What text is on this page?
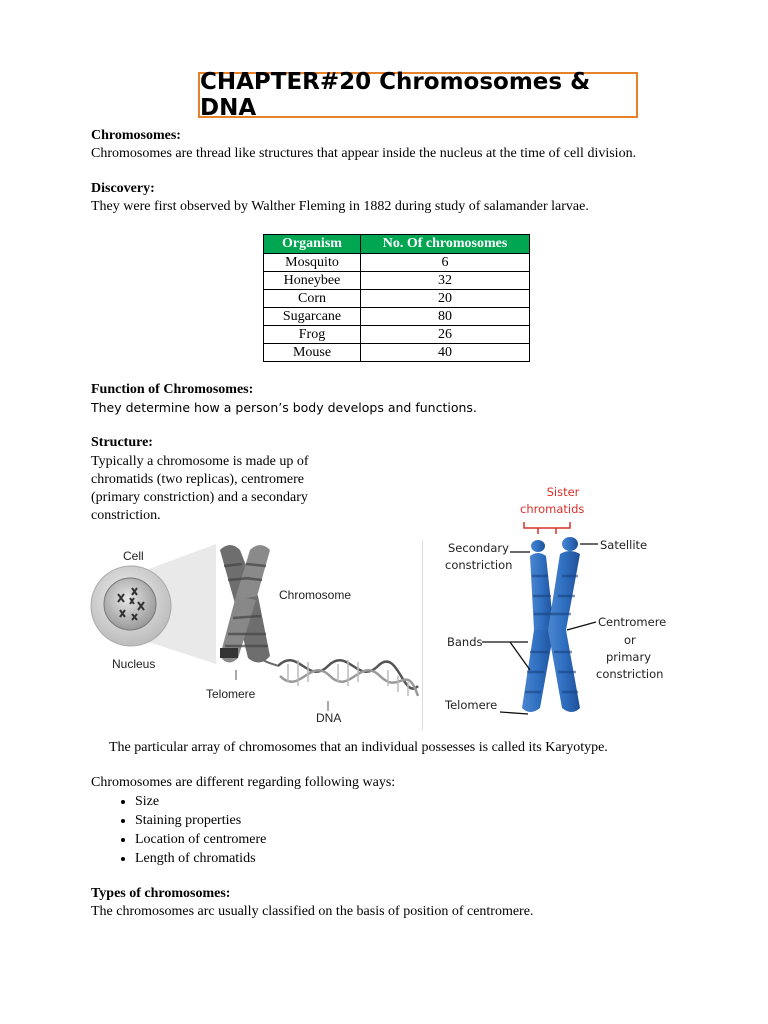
CHAPTER#20 Chromosomes & DNA
Chromosomes:
Chromosomes are thread like structures that appear inside the nucleus at the time of cell division.
Discovery:
They were first observed by Walther Fleming in 1882 during study of salamander larvae.
Organism	No. Of chromosomes
Mosquito	6
Honeybee	32
Corn	20
Sugarcane	80
Frog	26
Mouse	40
Function of Chromosomes:
They determine how a person’s body develops and functions.
Structure:
Typically a chromosome is made up of
chromatids (two replicas), centromere
(primary constriction) and a secondary
constriction.
Cell
Nucleus
Chromosome
Telomere
DNA
Sister
chromatids
Secondary
constriction
Satellite
Centromere
or
primary
constriction
Bands
Telomere
The particular array of chromosomes that an individual possesses is called its Karyotype.
Chromosomes are different regarding following ways:
• Size
• Staining properties
• Location of centromere
• Length of chromatids
Types of chromosomes:
The chromosomes arc usually classified on the basis of position of centromere.
